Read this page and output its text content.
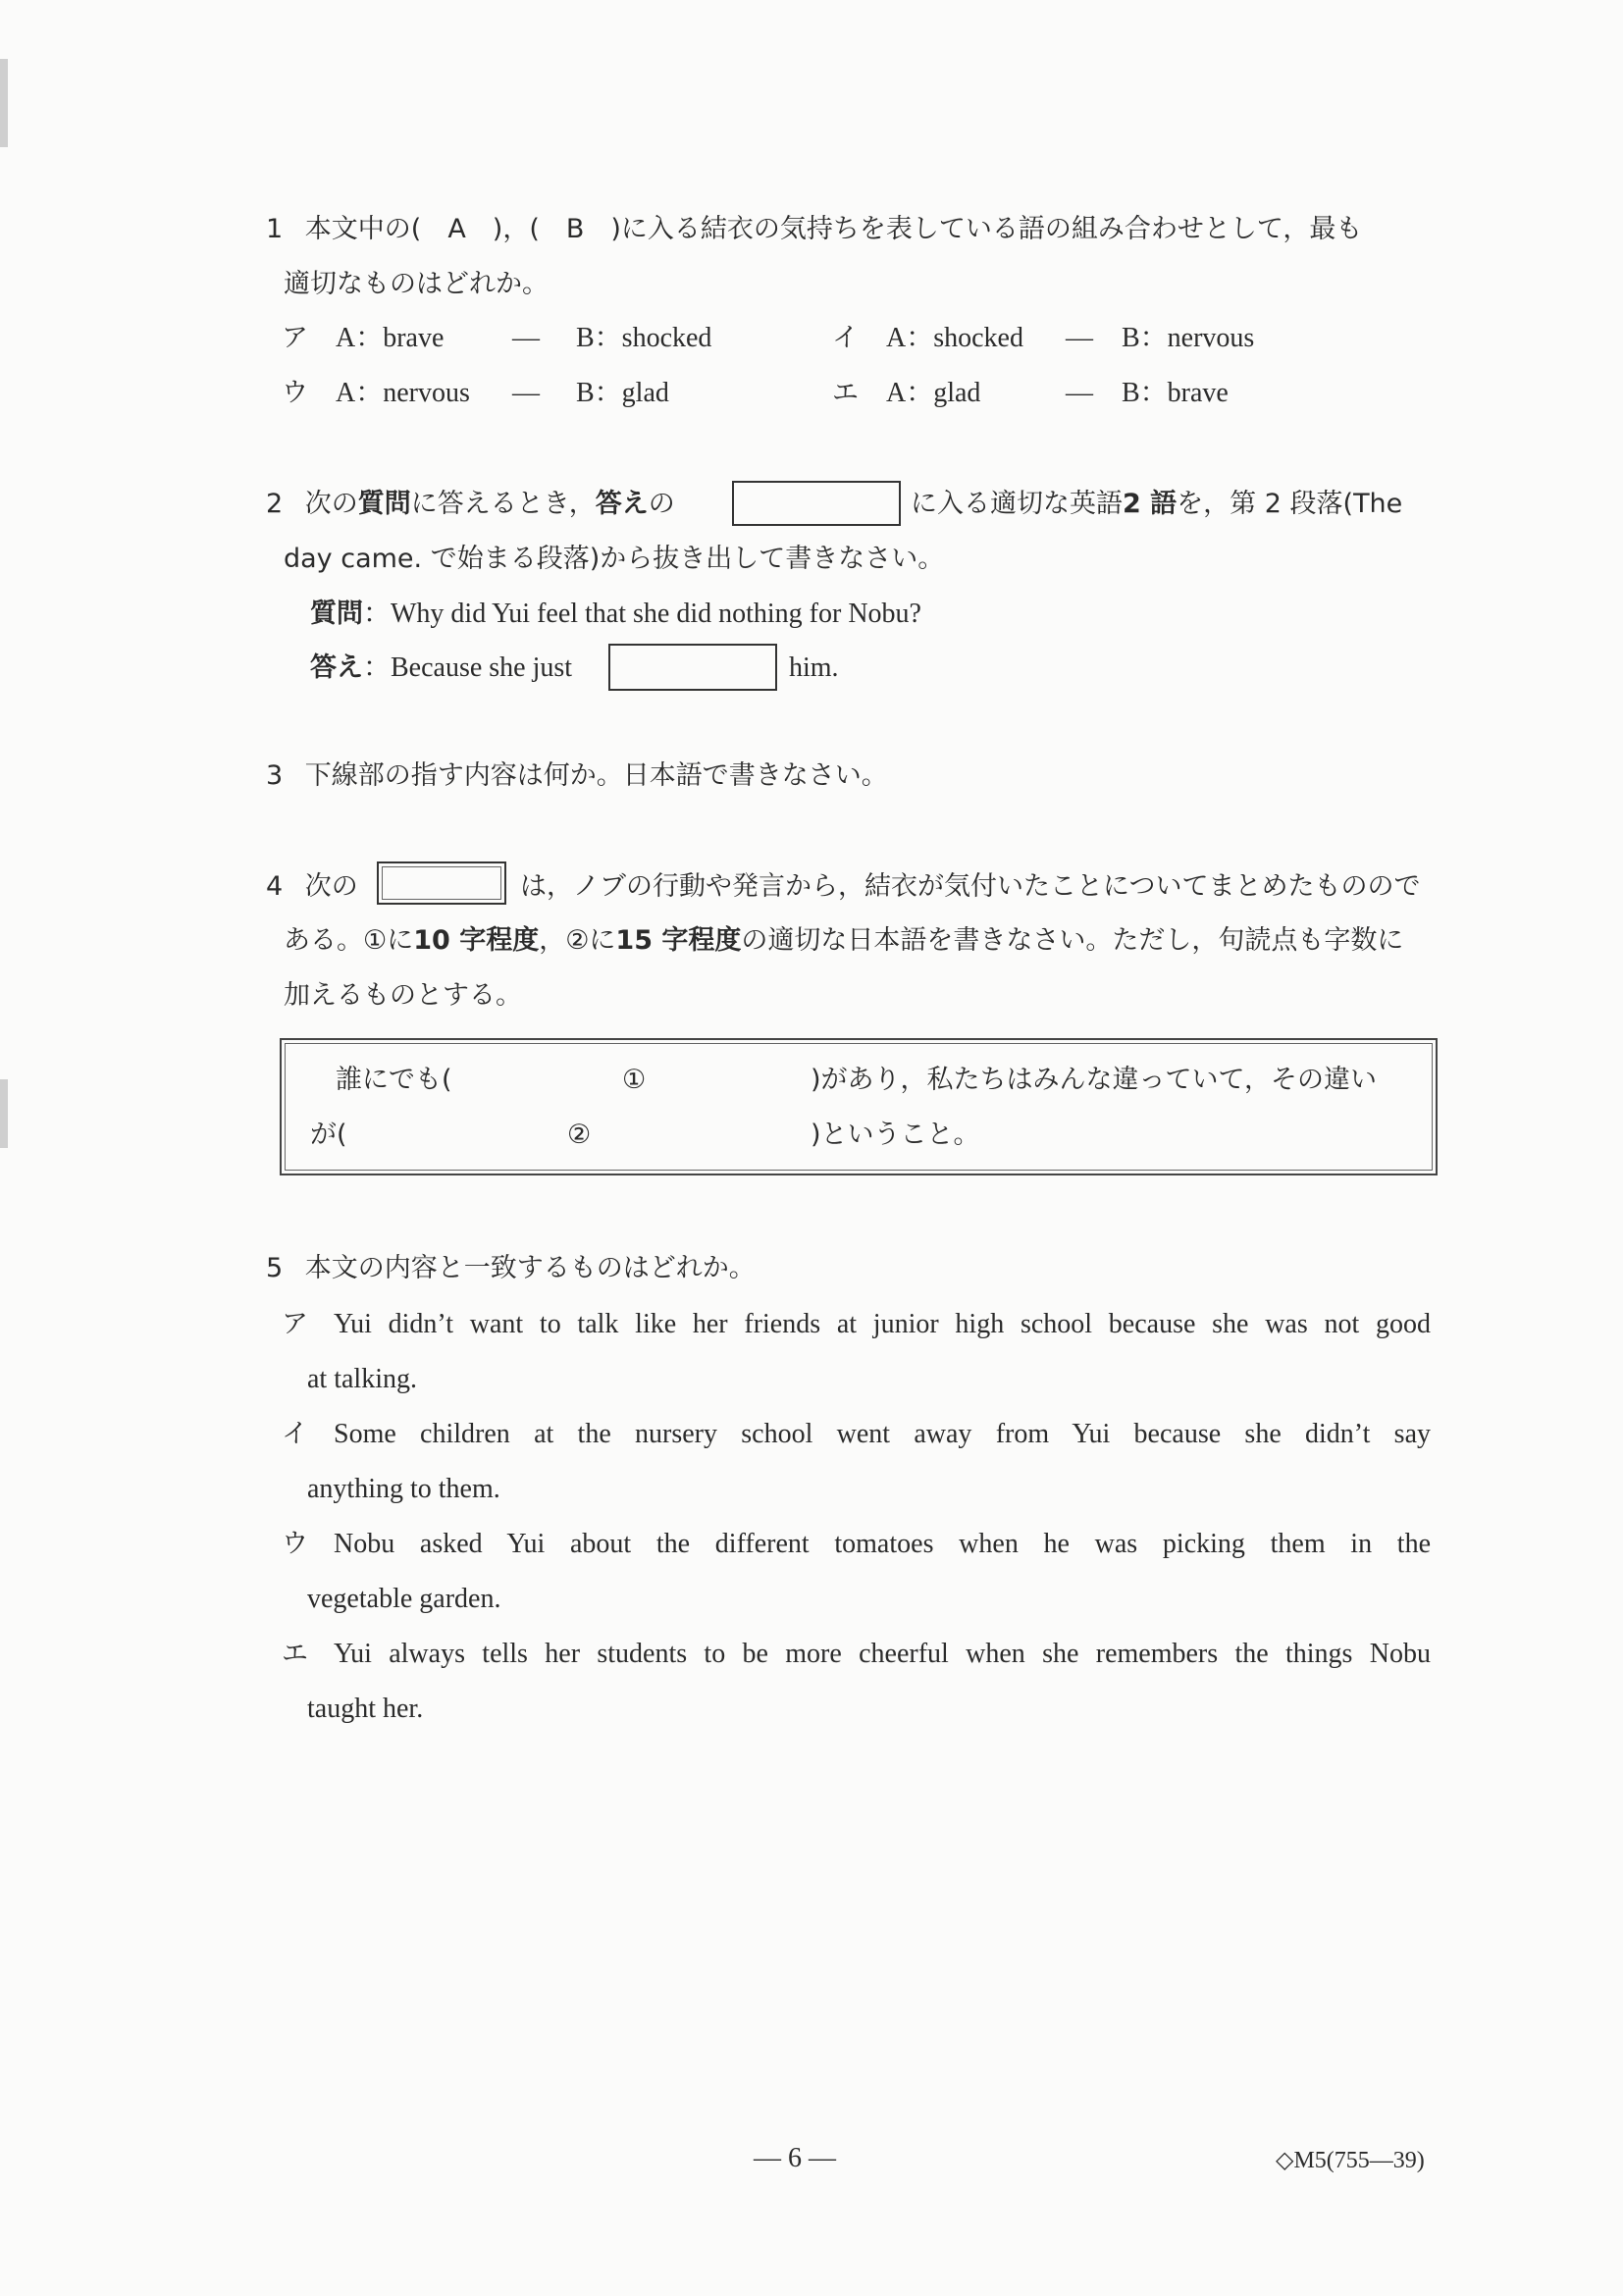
1 本文中の(　A　)，(　B　)に入る結衣の気持ちを表している語の組み合わせとして，最も
適切なものはどれか。
ア A：brave — B：shocked	イ A：shocked — B：nervous
ウ A：nervous — B：glad	エ A：glad	— B：brave
2 次の質問に答えるとき，答えの	に入る適切な英語2 語を，第 2 段落(The
day came. で始まる段落)から抜き出して書きなさい。
質問：Why did Yui feel that she did nothing for Nobu?
答え：Because she just	him.
3 下線部の指す内容は何か。日本語で書きなさい。
4 次の	は，ノブの行動や発言から，結衣が気付いたことについてまとめたものので
ある。①に10 字程度，②に15 字程度の適切な日本語を書きなさい。ただし，句読点も字数に
加えるものとする。
誰にでも(	①	)があり，私たちはみんな違っていて，その違い
が(	②	)ということ。
5 本文の内容と一致するものはどれか。
ア Yui didn’t want to talk like her friends at junior high school because she was not good
at talking.
イ Some children at the nursery school went away from Yui because she didn’t say
anything to them.
ウ Nobu asked Yui about the different tomatoes when he was picking them in the
vegetable garden.
エ Yui always tells her students to be more cheerful when she remembers the things Nobu
taught her.
— 6 —	◇M5(755—39)
